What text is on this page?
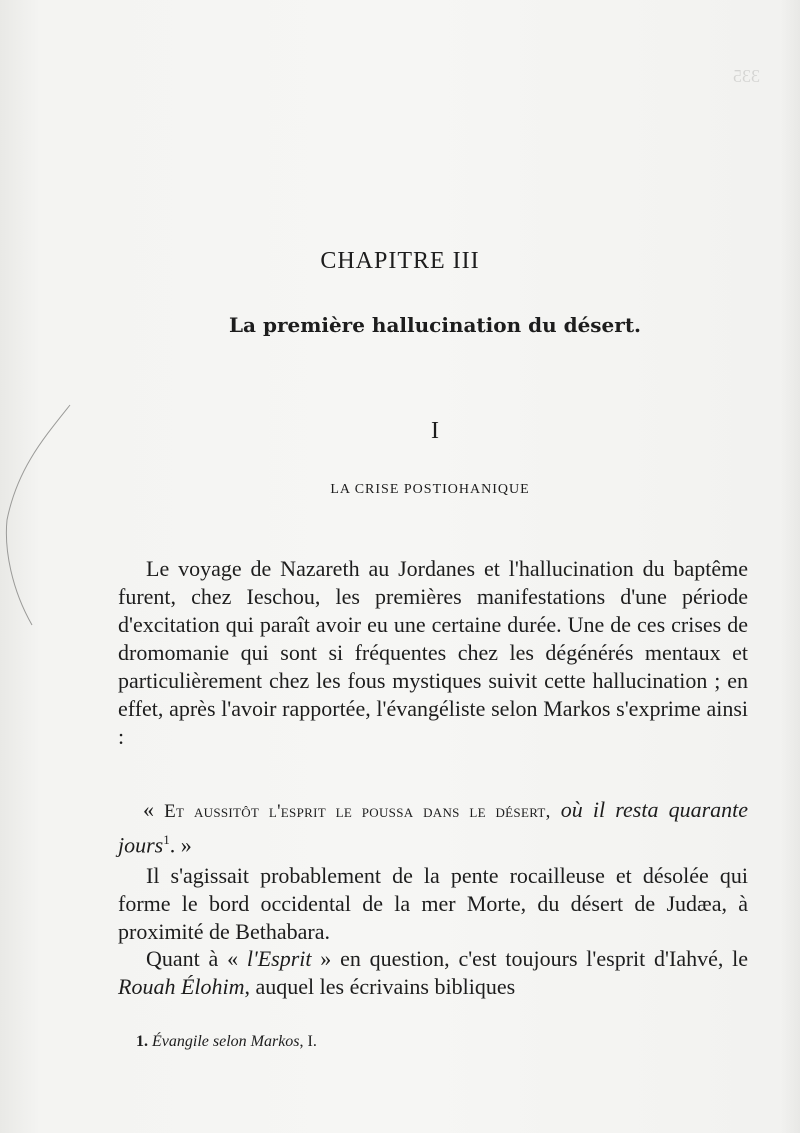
335
CHAPITRE III
La première hallucination du désert.
I
LA CRISE POSTIOHANIQUE
Le voyage de Nazareth au Jordanes et l'hallucination du baptême furent, chez Ieschou, les premières manifestations d'une période d'excitation qui paraît avoir eu une certaine durée. Une de ces crises de dromomanie qui sont si fréquentes chez les dégénérés mentaux et particulièrement chez les fous mystiques suivit cette hallucination ; en effet, après l'avoir rapportée, l'évangéliste selon Markos s'exprime ainsi :
« Et aussitôt l'esprit le poussa dans le désert, où il resta quarante jours$^1$. »
Il s'agissait probablement de la pente rocailleuse et désolée qui forme le bord occidental de la mer Morte, du désert de Judæa, à proximité de Bethabara.
Quant à « l'Esprit » en question, c'est toujours l'esprit d'Iahvé, le Rouah Élohim, auquel les écrivains bibliques
1. Évangile selon Markos, I.
